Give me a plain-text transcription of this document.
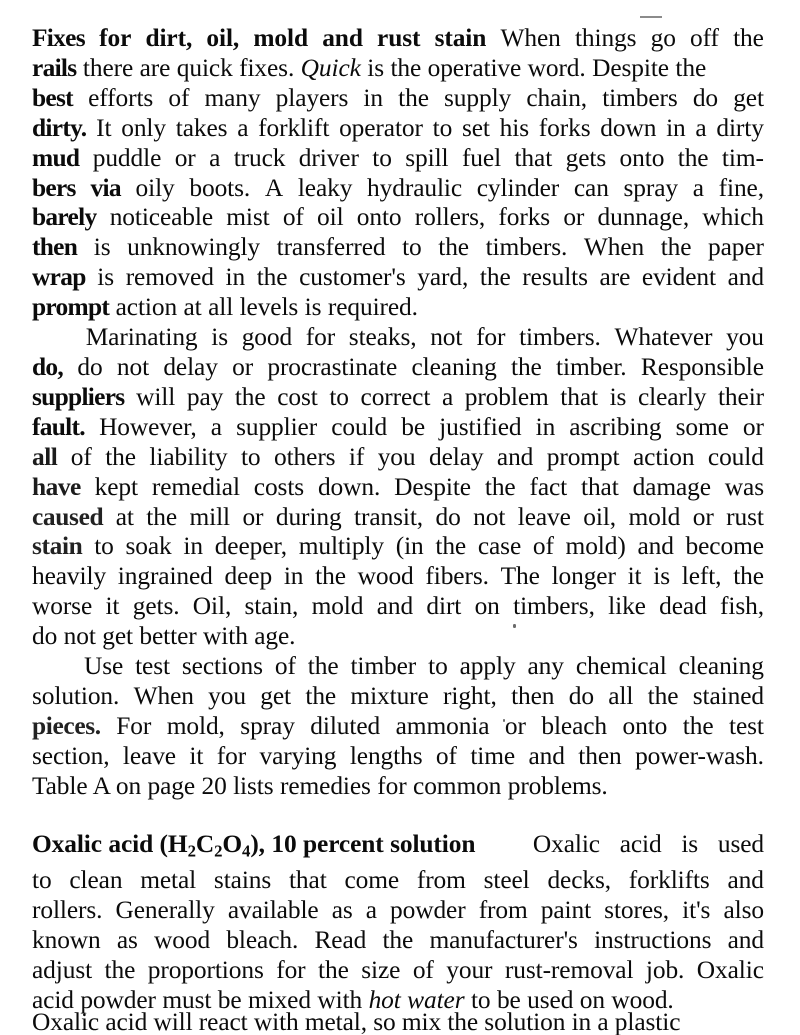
Fixes for dirt, oil, mold and rust stain When things go off the
rails there are quick fixes. Quick is the operative word. Despite the
best efforts of many players in the supply chain, timbers do get
dirty. It only takes a forklift operator to set his forks down in a dirty
mud puddle or a truck driver to spill fuel that gets onto the tim-
bers via oily boots. A leaky hydraulic cylinder can spray a fine,
barely noticeable mist of oil onto rollers, forks or dunnage, which
then is unknowingly transferred to the timbers. When the paper
wrap is removed in the customer's yard, the results are evident and
prompt action at all levels is required.

Marinating is good for steaks, not for timbers. Whatever you
do, do not delay or procrastinate cleaning the timber. Responsible
suppliers will pay the cost to correct a problem that is clearly their
fault. However, a supplier could be justified in ascribing some or
all of the liability to others if you delay and prompt action could
have kept remedial costs down. Despite the fact that damage was
caused at the mill or during transit, do not leave oil, mold or rust
stain to soak in deeper, multiply (in the case of mold) and become
heavily ingrained deep in the wood fibers. The longer it is left, the
worse it gets. Oil, stain, mold and dirt on timbers, like dead fish,
do not get better with age.

Use test sections of the timber to apply any chemical cleaning
solution. When you get the mixture right, then do all the stained
pieces. For mold, spray diluted ammonia or bleach onto the test
section, leave it for varying lengths of time and then power-wash.
Table A on page 20 lists remedies for common problems.

Oxalic acid $(H_2C_2O_4)$, 10 percent solution Oxalic acid is used
to clean metal stains that come from steel decks, forklifts and
rollers. Generally available as a powder from paint stores, it's also
known as wood bleach. Read the manufacturer's instructions and
adjust the proportions for the size of your rust-removal job. Oxalic
acid powder must be mixed with hot water to be used on wood.

Oxalic acid will react with metal, so mix the solution in a plastic
